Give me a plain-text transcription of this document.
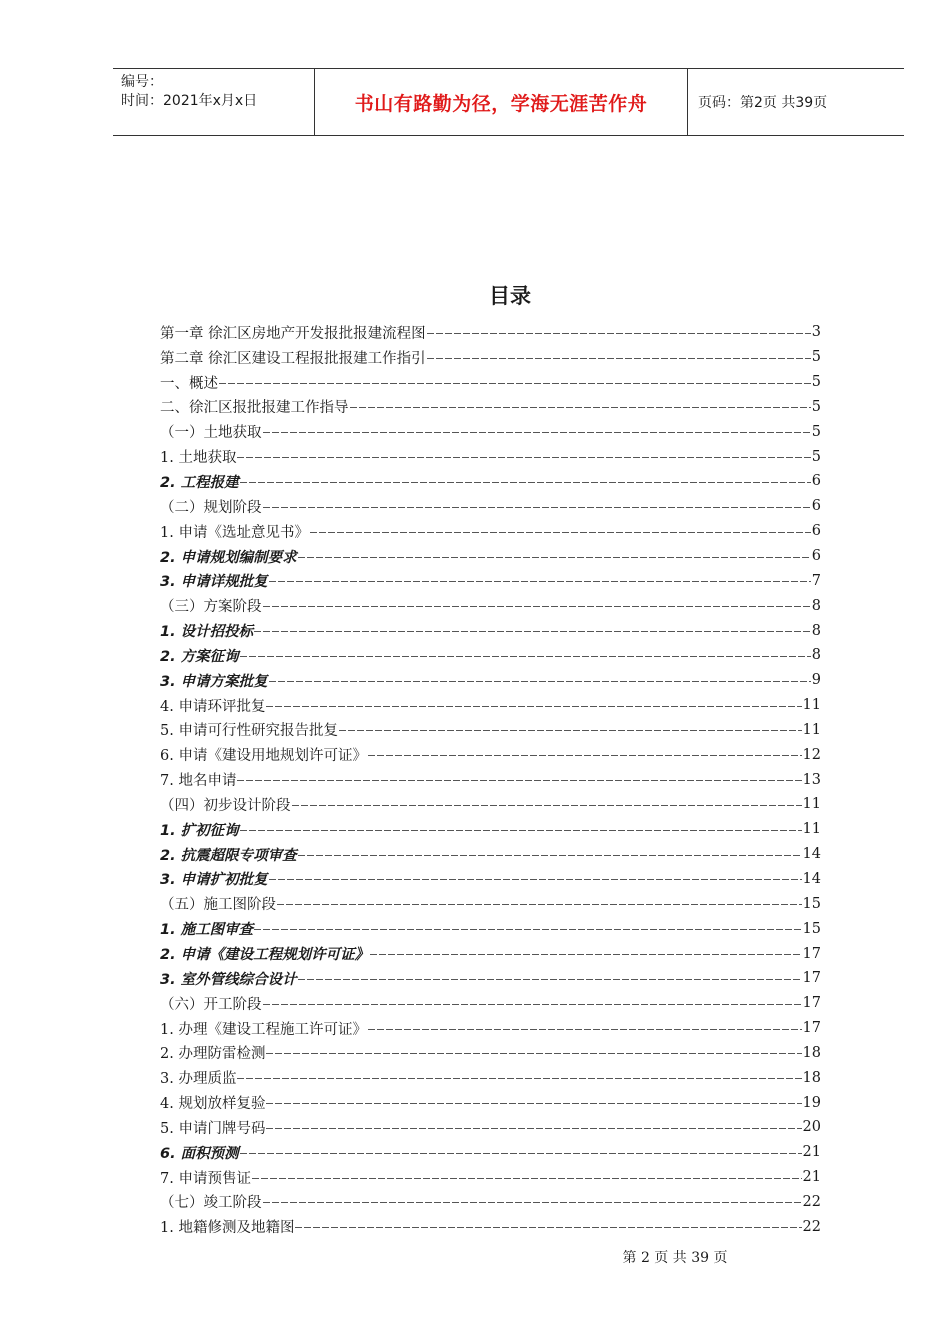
编号：
时间：2021年x月x日	书山有路勤为径，学海无涯苦作舟	页码：第2页 共39页
目录
第一章 徐汇区房地产开发报批报建流程图	3
第二章 徐汇区建设工程报批报建工作指引	5
一、概述	5
二、徐汇区报批报建工作指导	5
（一）土地获取	5
1. 土地获取	5
2. 工程报建	6
（二）规划阶段	6
1. 申请《选址意见书》	6
2. 申请规划编制要求	6
3. 申请详规批复	7
（三）方案阶段	8
1. 设计招投标	8
2. 方案征询	8
3. 申请方案批复	9
4. 申请环评批复	11
5. 申请可行性研究报告批复	11
6. 申请《建设用地规划许可证》	12
7. 地名申请	13
（四）初步设计阶段	11
1. 扩初征询	11
2. 抗震超限专项审查	14
3. 申请扩初批复	14
（五）施工图阶段	15
1. 施工图审查	15
2. 申请《建设工程规划许可证》	17
3. 室外管线综合设计	17
（六）开工阶段	17
1. 办理《建设工程施工许可证》	17
2. 办理防雷检测	18
3. 办理质监	18
4. 规划放样复验	19
5. 申请门牌号码	20
6. 面积预测	21
7. 申请预售证	21
（七）竣工阶段	22
1. 地籍修测及地籍图	22
第 2 页 共 39 页
